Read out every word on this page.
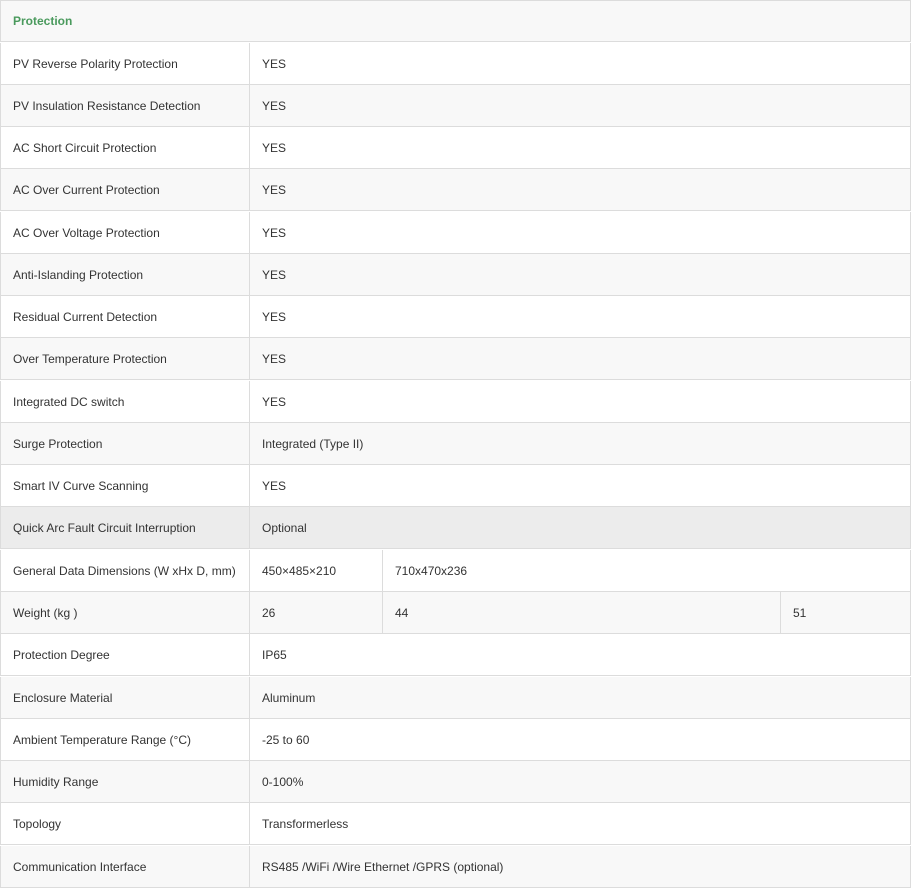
Protection
PV Reverse Polarity Protection	YES
PV Insulation Resistance Detection	YES
AC Short Circuit Protection	YES
AC Over Current Protection	YES
AC Over Voltage Protection	YES
Anti-Islanding Protection	YES
Residual Current Detection	YES
Over Temperature Protection	YES
Integrated DC switch	YES
Surge Protection	Integrated (Type II)
Smart IV Curve Scanning	YES
Quick Arc Fault Circuit Interruption	Optional
General Data Dimensions (W xHx D, mm)	450×485×210	710x470x236
Weight (kg )	26	44	51
Protection Degree	IP65
Enclosure Material	Aluminum
Ambient Temperature Range (°C)	-25 to 60
Humidity Range	0-100%
Topology	Transformerless
Communication Interface	RS485 /WiFi /Wire Ethernet /GPRS (optional)
